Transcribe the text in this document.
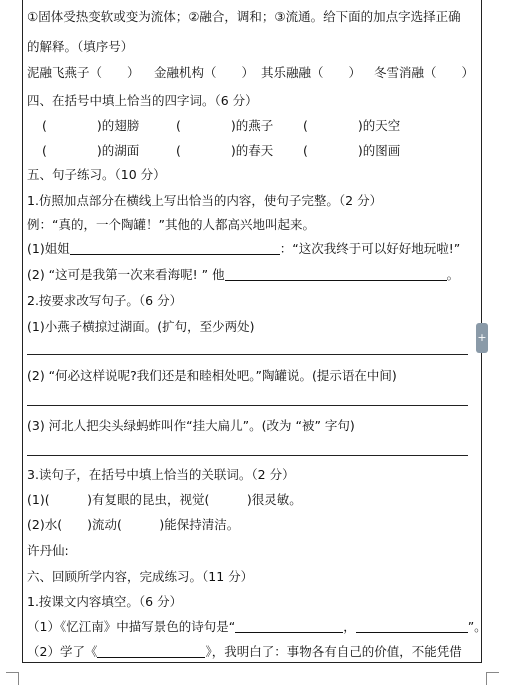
①固体受热变软或变为流体；②融合，调和；③流通。给下面的加点字选择正确
的解释。（填序号）
泥融飞燕子（　　） 金融机构（　　） 其乐融融（　　） 冬雪消融（　　）
四、在括号中填上恰当的四字词。（6 分）
(　　　　)的翅膀	(　　　　)的燕子 (　　　　)的天空
(　　　　)的湖面	(　　　　)的春天 (　　　　)的图画
五、句子练习。（10 分）
1.仿照加点部分在横线上写出恰当的内容，使句子完整。（2 分）
例：“真的，一个陶罐！”其他的人都高兴地叫起来。
(1)姐姐	：“这次我终于可以好好地玩啦!”
(2) “这可是我第一次来看海呢! ” 他	。
2.按要求改写句子。（6 分）
(1)小燕子横掠过湖面。(扩句，至少两处)
(2) “何必这样说呢?我们还是和睦相处吧。”陶罐说。(提示语在中间)
(3) 河北人把尖头绿蚂蚱叫作“挂大扁儿”。(改为 “被” 字句)
3.读句子，在括号中填上恰当的关联词。（2 分）
(1)(　　　)有复眼的昆虫，视觉(　　　)很灵敏。
(2)水(　　)流动(　　　)能保持清洁。
许丹仙:
六、回顾所学内容，完成练习。（11 分）
1.按课文内容填空。（6 分）
（1）《忆江南》中描写景色的诗句是“	，	”。
（2）学了《	》，我明白了：事物各有自己的价值，不能凭借
+
